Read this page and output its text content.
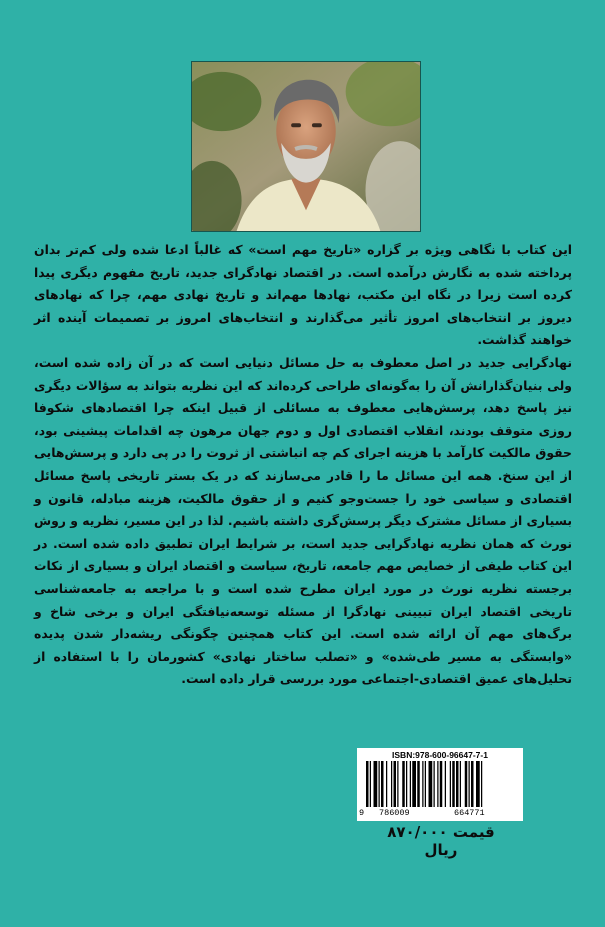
این کتاب با نگاهی ویژه بر گزاره «تاریخ مهم است» که غالباً ادعا شده ولی کم‌تر بدان پرداخته شده به نگارش درآمده است. در اقتصاد نهادگرای جدید، تاریخ مفهوم دیگری پیدا کرده است زیرا در نگاه این مکتب، نهادها مهم‌اند و تاریخ نهادی مهم، چرا که نهادهای دیروز بر انتخاب‌های امروز تأثیر می‌گذارند و انتخاب‌های امروز بر تصمیمات آینده اثر خواهند گذاشت.

نهادگرایی جدید در اصل معطوف به حل مسائل دنیایی است که در آن زاده شده است، ولی بنیان‌گذارانش آن را به‌گونه‌ای طراحی کرده‌اند که این نظریه بتواند به سؤالات دیگری نیز پاسخ دهد، پرسش‌هایی معطوف به مسائلی از قبیل اینکه چرا اقتصادهای شکوفا روزی متوقف بودند، انقلاب اقتصادی اول و دوم جهان مرهون چه اقدامات پیشینی بود، حقوق مالکیت کارآمد با هزینه اجرای کم چه انباشتی از ثروت را در پی دارد و پرسش‌هایی از این سنخ. همه این مسائل ما را قادر می‌سازند که در یک بستر تاریخی پاسخ مسائل اقتصادی و سیاسی خود را جست‌وجو کنیم و از حقوق مالکیت، هزینه مبادله، قانون و بسیاری از مسائل مشترک دیگر پرسش‌گری داشته باشیم. لذا در این مسیر، نظریه و روش نورث که همان نظریه نهادگرایی جدید است، بر شرایط ایران تطبیق داده شده است. در این کتاب طیفی از خصایص مهم جامعه، تاریخ، سیاست و اقتصاد ایران و بسیاری از نکات برجسته نظریه نورث در مورد ایران مطرح شده است و با مراجعه به جامعه‌شناسی تاریخی اقتصاد ایران تبیینی نهادگرا از مسئله توسعه‌نیافتگی ایران و برخی شاخ و برگ‌های مهم آن ارائه شده است. این کتاب همچنین چگونگی ریشه‌دار شدن پدیده «وابستگی به مسیر طی‌شده» و «تصلب ساختار نهادی» کشورمان را با استفاده از تحلیل‌های عمیق اقتصادی-اجتماعی مورد بررسی قرار داده است.

ISBN:978-600-96647-7-1
9 786009	664771
قیمت ۸۷۰/۰۰۰ ریال
